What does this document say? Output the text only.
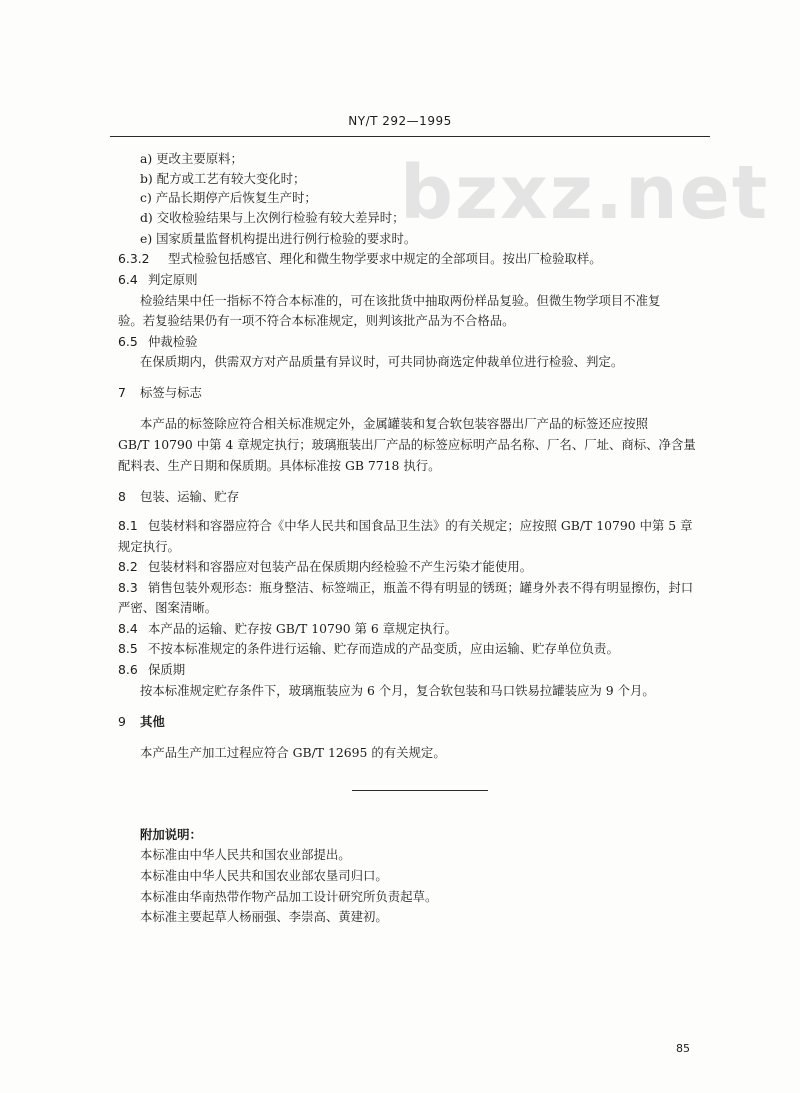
NY/T 292—1995
bzxz.net
a) 更改主要原料；
b) 配方或工艺有较大变化时；
c) 产品长期停产后恢复生产时；
d) 交收检验结果与上次例行检验有较大差异时；
e) 国家质量监督机构提出进行例行检验的要求时。
6.3.2 型式检验包括感官、理化和微生物学要求中规定的全部项目。按出厂检验取样。
6.4 判定原则
检验结果中任一指标不符合本标准的，可在该批货中抽取两份样品复验。但微生物学项目不准复
验。若复验结果仍有一项不符合本标准规定，则判该批产品为不合格品。
6.5 仲裁检验
在保质期内，供需双方对产品质量有异议时，可共同协商选定仲裁单位进行检验、判定。
7 标签与标志
本产品的标签除应符合相关标准规定外，金属罐装和复合软包装容器出厂产品的标签还应按照
GB/T 10790 中第 4 章规定执行；玻璃瓶装出厂产品的标签应标明产品名称、厂名、厂址、商标、净含量
配料表、生产日期和保质期。具体标准按 GB 7718 执行。
8 包装、运输、贮存
8.1 包装材料和容器应符合《中华人民共和国食品卫生法》的有关规定；应按照 GB/T 10790 中第 5 章
规定执行。
8.2 包装材料和容器应对包装产品在保质期内经检验不产生污染才能使用。
8.3 销售包装外观形态：瓶身整洁、标签端正，瓶盖不得有明显的锈斑；罐身外表不得有明显擦伤，封口
严密、图案清晰。
8.4 本产品的运输、贮存按 GB/T 10790 第 6 章规定执行。
8.5 不按本标准规定的条件进行运输、贮存而造成的产品变质，应由运输、贮存单位负责。
8.6 保质期
按本标准规定贮存条件下，玻璃瓶装应为 6 个月，复合软包装和马口铁易拉罐装应为 9 个月。
9 其他
本产品生产加工过程应符合 GB/T 12695 的有关规定。
附加说明：
本标准由中华人民共和国农业部提出。
本标准由中华人民共和国农业部农垦司归口。
本标准由华南热带作物产品加工设计研究所负责起草。
本标准主要起草人杨丽强、李崇高、黄建初。
85
